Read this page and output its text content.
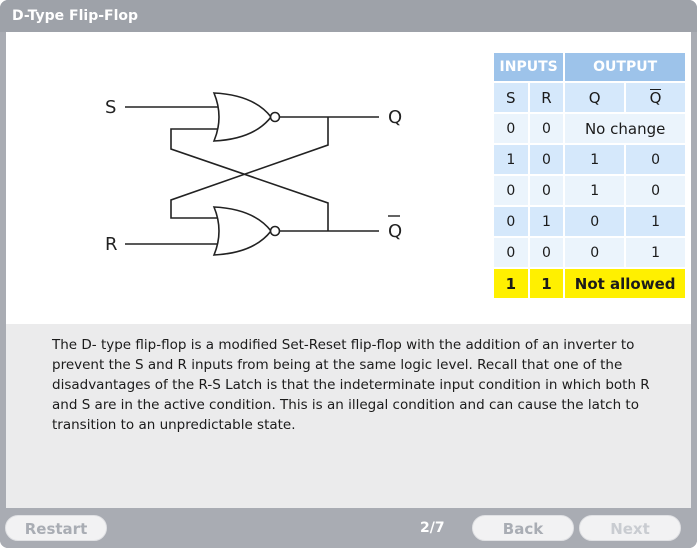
D-Type Flip-Flop
S
R
Q
Q
INPUTS		OUTPUT	
S	R	Q	Q
0	0	No change	
1	0	1	0
0	0	1	0
0	1	0	1
0	0	0	1
1	1	Not allowed	

The D- type flip-flop is a modified Set-Reset flip-flop with the addition of an inverter to prevent the S and R inputs from being at the same logic level. Recall that one of the disadvantages of the R-S Latch is that the indeterminate input condition in which both R and S are in the active condition. This is an illegal condition and can cause the latch to transition to an unpredictable state.

Restart	2/7	Back	Next
